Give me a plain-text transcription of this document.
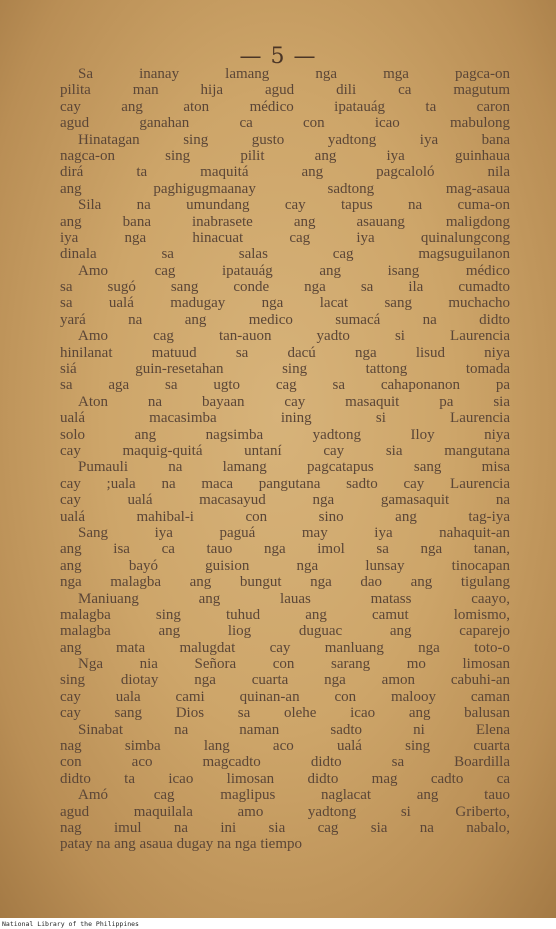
— 5 —
Sa inanay lamang nga mga pagca-on
pilita man hija agud dili ca magutum
cay ang aton médico ipatauág ta caron
agud ganahan ca con icao mabulong
Hinatagan sing gusto yadtong iya bana
nagca-on sing pilit ang iya guinhaua
dirá ta maquitá ang pagcaloló nila
ang paghigugmaanay sadtong mag-asaua
Sila na umundang cay tapus na cuma-on
ang bana inabrasete ang asauang maligdong
iya nga hinacuat cag iya quinalungcong
dinala sa salas cag magsuguilanon
Amo cag ipatauág ang isang médico
sa sugó sang conde nga sa ila cumadto
sa ualá madugay nga lacat sang muchacho
yará na ang medico sumacá na didto
Amo cag tan-auon yadto si Laurencia
hinilanat matuud sa dacú nga lisud niya
siá guin-resetahan sing tattong tomada
sa aga sa ugto cag sa cahaponanon pa
Aton na bayaan cay masaquit pa sia
ualá macasimba ining si Laurencia
solo ang nagsimba yadtong Iloy niya
cay maquig-quitá untaní cay sia mangutana
Pumauli na lamang pagcatapus sang misa
cay ;uala na maca pangutana sadto cay Laurencia
cay ualá macasayud nga gamasaquit na
ualá mahibal-i con sino ang tag-iya
Sang iya paguá may iya nahaquit-an
ang isa ca tauo nga imol sa nga tanan,
ang bayó guision nga lunsay tinocapan
nga malagba ang bungut nga dao ang tigulang
Maniuang ang lauas matass caayo,
malagba sing tuhud ang camut lomismo,
malagba ang liog duguac ang caparejo
ang mata malugdat cay manluang nga toto-o
Nga nia Señora con sarang mo limosan
sing diotay nga cuarta nga amon cabuhi-an
cay uala cami quinan-an con malooy caman
cay sang Dios sa olehe icao ang balusan
Sinabat na naman sadto ni Elena
nag simba lang aco ualá sing cuarta
con aco magcadto didto sa Boardilla
didto ta icao limosan didto mag cadto ca
Amó cag maglipus naglacat ang tauo
agud maquilala amo yadtong si Griberto,
nag imul na ini sia cag sia na nabalo,
patay na ang asaua dugay na nga tiempo
National Library of the Philippines
